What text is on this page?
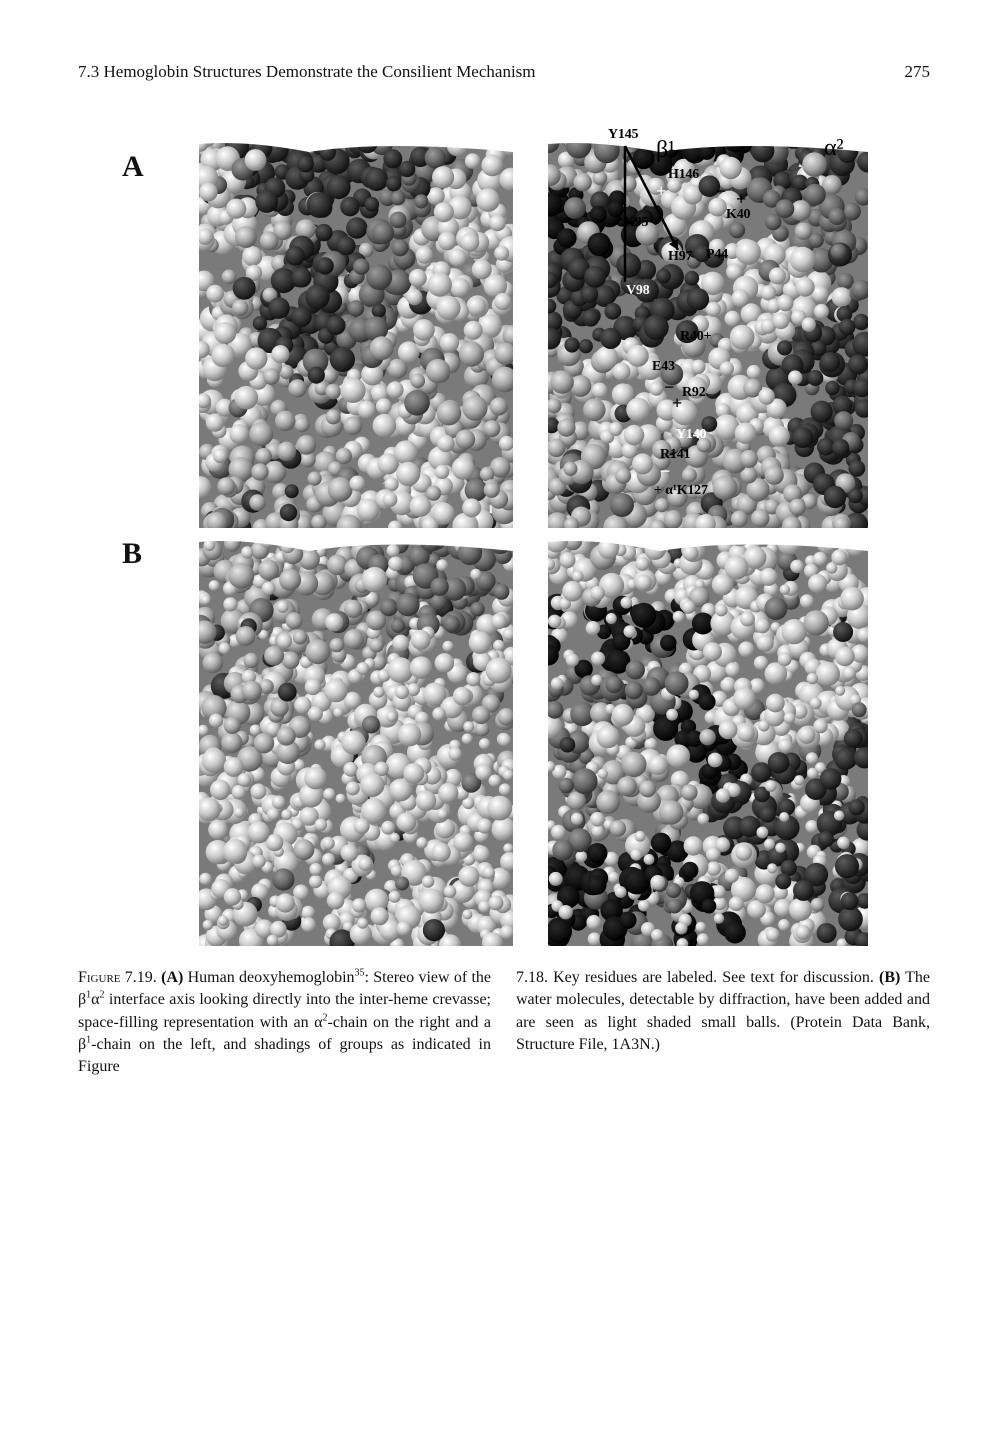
7.3 Hemoglobin Structures Demonstrate the Consilient Mechanism	275
A
B
Y145
β¹	α²
H146
+	− +
K40
K95
H97 P44
V98
R40+
E43
− R92
+
Y140
R141
−
+ α¹K127

Figure 7.19. (A) Human deoxyhemoglobin$^{35}$: Stereo view of the $\beta^1\alpha^2$ interface axis looking directly into the inter-heme crevasse; space-filling representation with an $\alpha^2$-chain on the right and a $\beta^1$-chain on the left, and shadings of groups as indicated in Figure

7.18. Key residues are labeled. See text for discussion. (B) The water molecules, detectable by diffraction, have been added and are seen as light shaded small balls. (Protein Data Bank, Structure File, 1A3N.)
